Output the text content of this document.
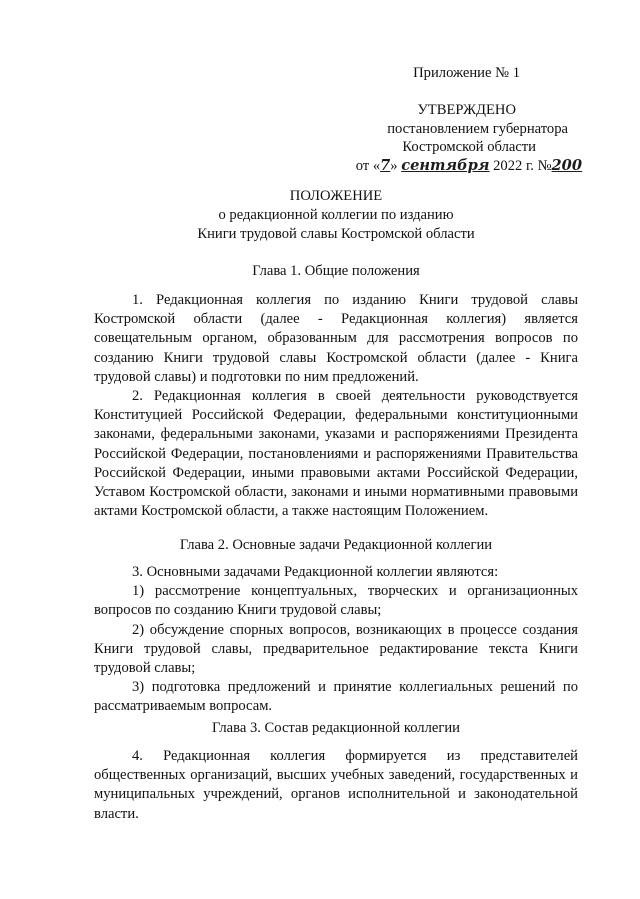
Приложение № 1
УТВЕРЖДЕНО
постановлением губернатора
Костромской области
от «7» сентября 2022 г. №200
ПОЛОЖЕНИЕ
о редакционной коллегии по изданию
Книги трудовой славы Костромской области
Глава 1. Общие положения

1. Редакционная коллегия по изданию Книги трудовой славы Костромской области (далее - Редакционная коллегия) является совещательным органом, образованным для рассмотрения вопросов по созданию Книги трудовой славы Костромской области (далее - Книга трудовой славы) и подготовки по ним предложений.

2. Редакционная коллегия в своей деятельности руководствуется Конституцией Российской Федерации, федеральными конституционными законами, федеральными законами, указами и распоряжениями Президента Российской Федерации, постановлениями и распоряжениями Правительства Российской Федерации, иными правовыми актами Российской Федерации, Уставом Костромской области, законами и иными нормативными правовыми актами Костромской области, а также настоящим Положением.

Глава 2. Основные задачи Редакционной коллегии

3. Основными задачами Редакционной коллегии являются:

1) рассмотрение концептуальных, творческих и организационных вопросов по созданию Книги трудовой славы;

2) обсуждение спорных вопросов, возникающих в процессе создания Книги трудовой славы, предварительное редактирование текста Книги трудовой славы;

3) подготовка предложений и принятие коллегиальных решений по рассматриваемым вопросам.

Глава 3. Состав редакционной коллегии

4. Редакционная коллегия формируется из представителей общественных организаций, высших учебных заведений, государственных и муниципальных учреждений, органов исполнительной и законодательной власти.
